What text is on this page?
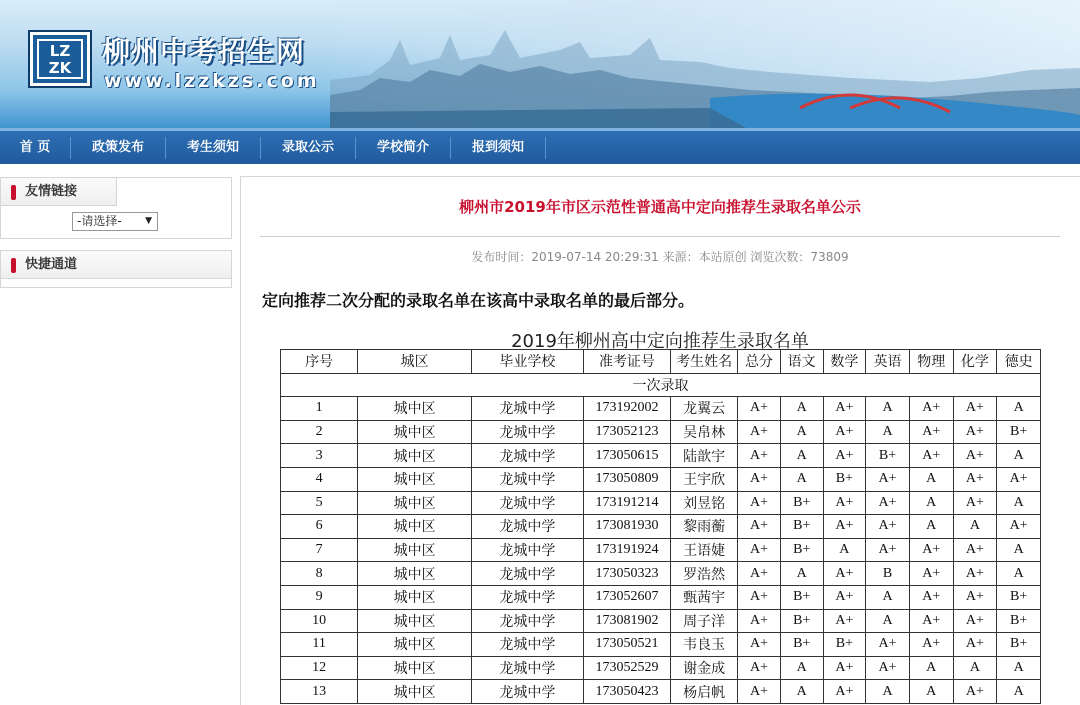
LZ
ZK	柳州中考招生网
www.lzzkzs.com
首 页	政策发布	考生须知	录取公示	学校简介	报到须知
友情链接
-请选择-	▼
快捷通道
柳州市2019年市区示范性普通高中定向推荐生录取名单公示
发布时间：2019-07-14 20:29:31 来源：本站原创 浏览次数：73809
定向推荐二次分配的录取名单在该高中录取名单的最后部分。
2019年柳州高中定向推荐生录取名单
序号	城区	毕业学校	准考证号	考生姓名	总分	语文	数学	英语	物理	化学	德史
一次录取											
1	城中区	龙城中学	173192002	龙翼云	A+	A	A+	A	A+	A+	A
2	城中区	龙城中学	173052123	吴帛林	A+	A	A+	A	A+	A+	B+
3	城中区	龙城中学	173050615	陆歆宇	A+	A	A+	B+	A+	A+	A
4	城中区	龙城中学	173050809	王宇欣	A+	A	B+	A+	A	A+	A+
5	城中区	龙城中学	173191214	刘昱铭	A+	B+	A+	A+	A	A+	A
6	城中区	龙城中学	173081930	黎雨蘅	A+	B+	A+	A+	A	A	A+
7	城中区	龙城中学	173191924	王语婕	A+	B+	A	A+	A+	A+	A
8	城中区	龙城中学	173050323	罗浩然	A+	A	A+	B	A+	A+	A
9	城中区	龙城中学	173052607	甄茜宇	A+	B+	A+	A	A+	A+	B+
10	城中区	龙城中学	173081902	周子洋	A+	B+	A+	A	A+	A+	B+
11	城中区	龙城中学	173050521	韦良玉	A+	B+	B+	A+	A+	A+	B+
12	城中区	龙城中学	173052529	谢金成	A+	A	A+	A+	A	A	A
13	城中区	龙城中学	173050423	杨启帆	A+	A	A+	A	A	A+	A
